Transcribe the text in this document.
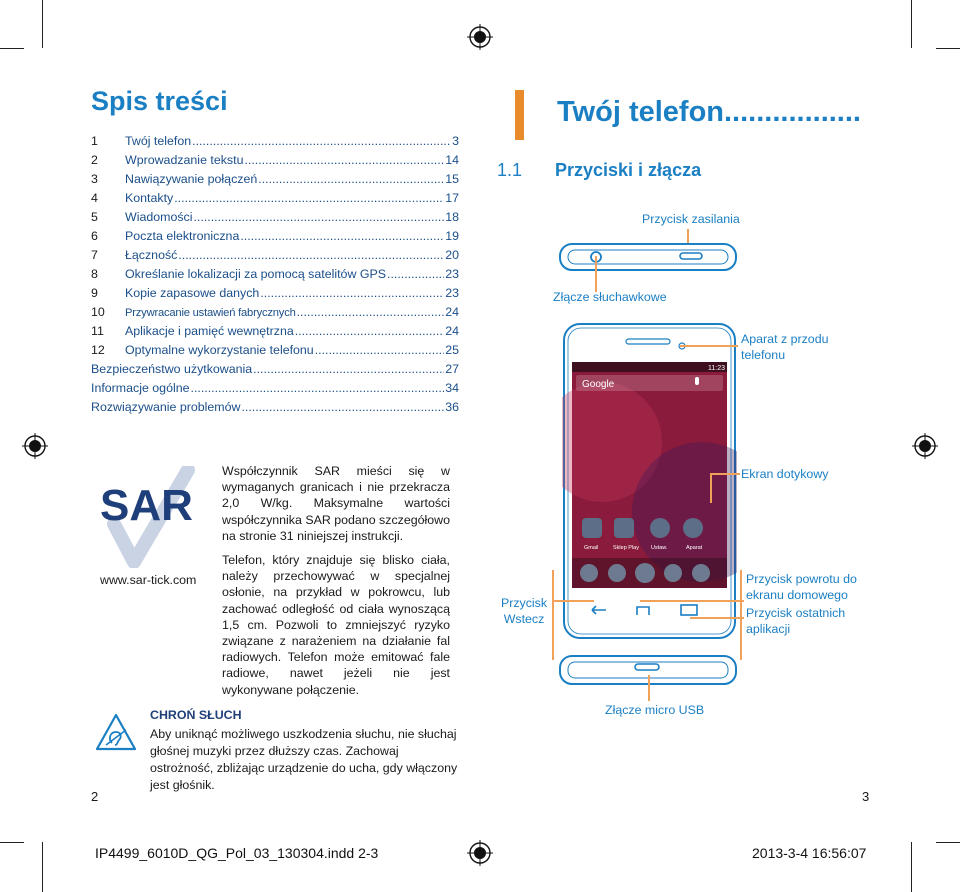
Spis treści
1	Twój telefon .....	3
2	Wprowadzanie tekstu .....	14
3	Nawiązywanie połączeń .....	15
4	Kontakty .....	17
5	Wiadomości .....	18
6	Poczta elektroniczna .....	19
7	Łączność .....	20
8	Określanie lokalizacji za pomocą satelitów GPS .....	23
9	Kopie zapasowe danych .....	23
10	Przywracanie ustawień fabrycznych .....	24
11	Aplikacje i pamięć wewnętrzna .....	24
12	Optymalne wykorzystanie telefonu .....	25
Bezpieczeństwo użytkowania .....	27
Informacje ogólne .....	34
Rozwiązywanie problemów .....	36
SAR
www.sar-tick.com

Współczynnik SAR mieści się w wymaganych granicach i nie przekracza 2,0 W/kg. Maksymalne wartości współczynnika SAR podano szczegółowo na stronie 31 niniejszej instrukcji.

Telefon, który znajduje się blisko ciała, należy przechowywać w specjalnej osłonie, na przykład w pokrowcu, lub zachować odległość od ciała wynoszącą 1,5 cm. Pozwoli to zmniejszyć ryzyko związane z narażeniem na działanie fal radiowych. Telefon może emitować fale radiowe, nawet jeżeli nie jest wykonywane połączenie.

CHROŃ SŁUCH
Aby uniknąć możliwego uszkodzenia słuchu, nie słuchaj głośnej muzyki przez dłuższy czas. Zachowaj ostrożność, zbliżając urządzenie do ucha, gdy włączony jest głośnik.
2
Twój telefon.................
1.1 Przyciski i złącza
Przycisk zasilania
Złącze słuchawkowe
11:23
Google
Gmail	Sklep Play Ustaw.	Aparat
Aparat z przodu telefonu
Ekran dotykowy
Przycisk Wstecz
Przycisk powrotu do ekranu domowego
Przycisk ostatnich aplikacji
Złącze micro USB
3
IP4499_6010D_QG_Pol_03_130304.indd 2-3	2013-3-4 16:56:07
